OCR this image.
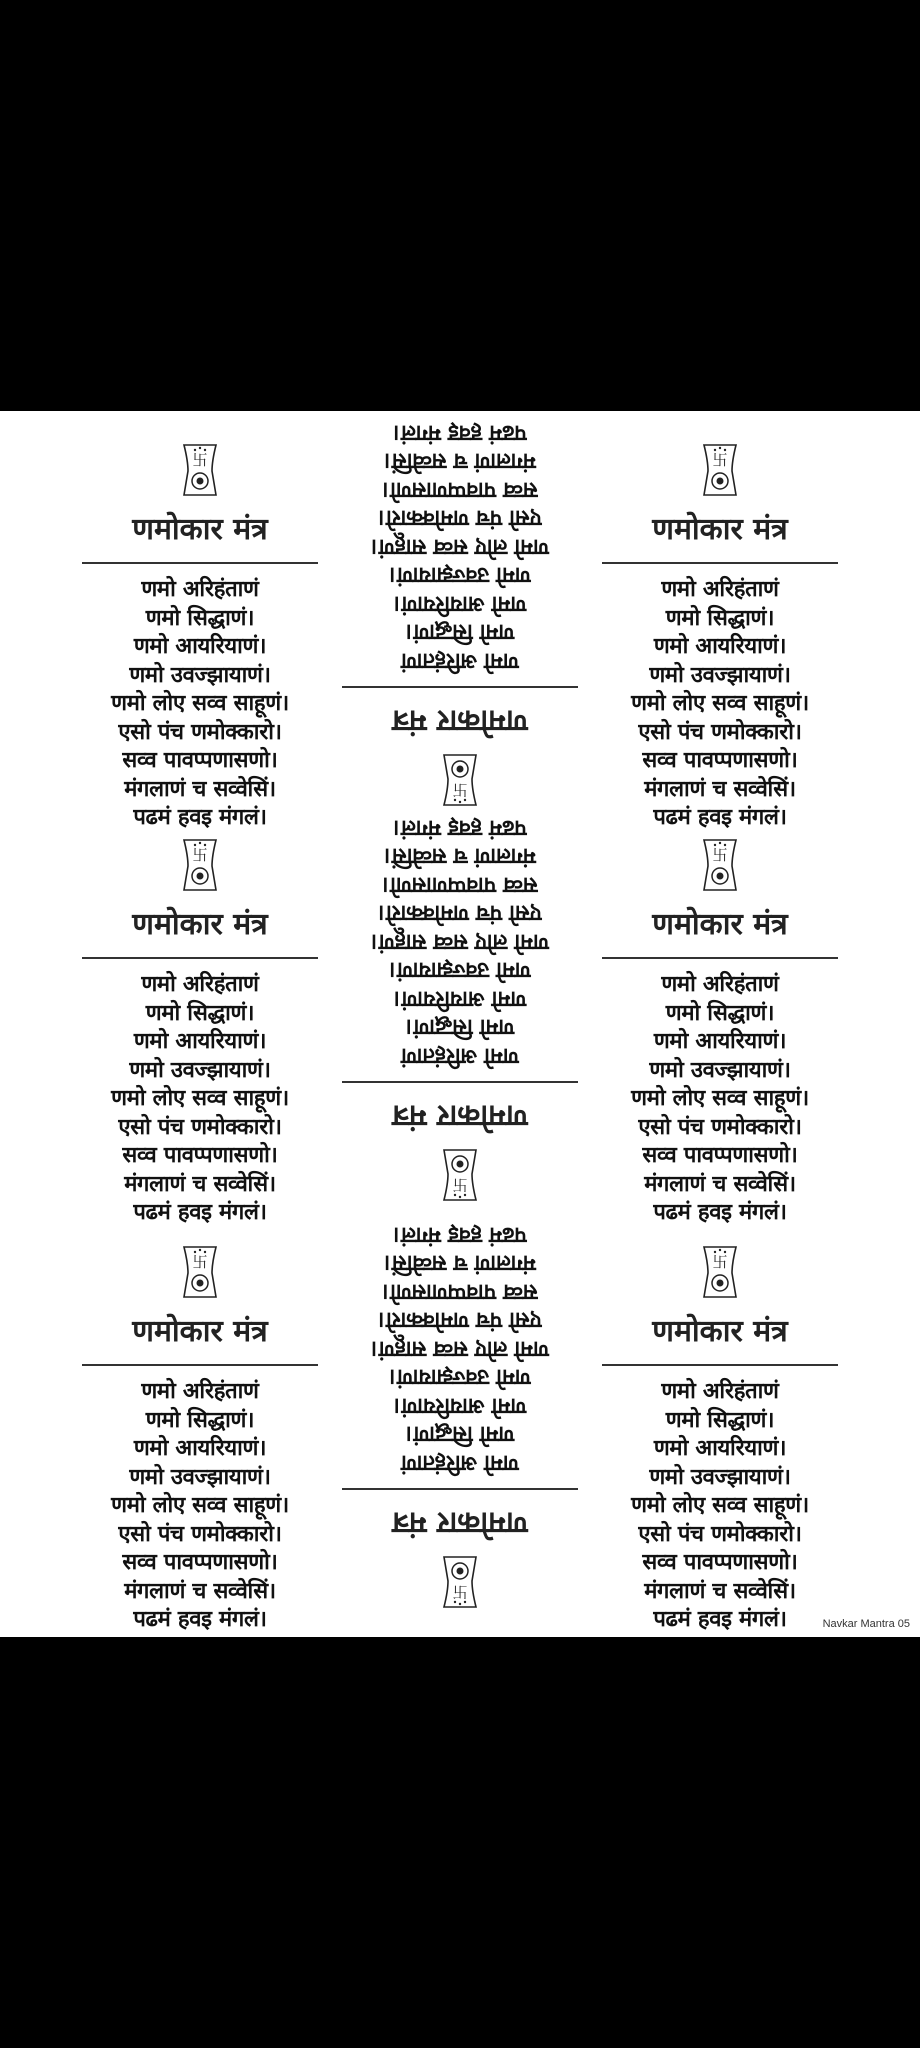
Navkar Mantra 05
卐
णमोकार मंत्र
णमो अरिहंताणं
णमो सिद्धाणं।
णमो आयरियाणं।
णमो उवज्झायाणं।
णमो लोए सव्व साहूणं।
एसो पंच णमोक्कारो।
सव्व पावप्पणासणो।
मंगलाणं च सव्वेसिं।
पढमं हवइ मंगलं।
卐
णमोकार मंत्र
णमो अरिहंताणं
णमो सिद्धाणं।
णमो आयरियाणं।
णमो उवज्झायाणं।
णमो लोए सव्व साहूणं।
एसो पंच णमोक्कारो।
सव्व पावप्पणासणो।
मंगलाणं च सव्वेसिं।
पढमं हवइ मंगलं।
卐
णमोकार मंत्र
णमो अरिहंताणं
णमो सिद्धाणं।
णमो आयरियाणं।
णमो उवज्झायाणं।
णमो लोए सव्व साहूणं।
एसो पंच णमोक्कारो।
सव्व पावप्पणासणो।
मंगलाणं च सव्वेसिं।
पढमं हवइ मंगलं।
卐
णमोकार मंत्र
णमो अरिहंताणं
णमो सिद्धाणं।
णमो आयरियाणं।
णमो उवज्झायाणं।
णमो लोए सव्व साहूणं।
एसो पंच णमोक्कारो।
सव्व पावप्पणासणो।
मंगलाणं च सव्वेसिं।
पढमं हवइ मंगलं।
卐
णमोकार मंत्र
णमो अरिहंताणं
णमो सिद्धाणं।
णमो आयरियाणं।
णमो उवज्झायाणं।
णमो लोए सव्व साहूणं।
एसो पंच णमोक्कारो।
सव्व पावप्पणासणो।
मंगलाणं च सव्वेसिं।
पढमं हवइ मंगलं।
卐
णमोकार मंत्र
णमो अरिहंताणं
णमो सिद्धाणं।
णमो आयरियाणं।
णमो उवज्झायाणं।
णमो लोए सव्व साहूणं।
एसो पंच णमोक्कारो।
सव्व पावप्पणासणो।
मंगलाणं च सव्वेसिं।
पढमं हवइ मंगलं।
卐
णमोकार मंत्र
णमो अरिहंताणं
णमो सिद्धाणं।
णमो आयरियाणं।
णमो उवज्झायाणं।
णमो लोए सव्व साहूणं।
एसो पंच णमोक्कारो।
सव्व पावप्पणासणो।
मंगलाणं च सव्वेसिं।
पढमं हवइ मंगलं।
卐
णमोकार मंत्र
णमो अरिहंताणं
णमो सिद्धाणं।
णमो आयरियाणं।
णमो उवज्झायाणं।
णमो लोए सव्व साहूणं।
एसो पंच णमोक्कारो।
सव्व पावप्पणासणो।
मंगलाणं च सव्वेसिं।
पढमं हवइ मंगलं।
卐
णमोकार मंत्र
णमो अरिहंताणं
णमो सिद्धाणं।
णमो आयरियाणं।
णमो उवज्झायाणं।
णमो लोए सव्व साहूणं।
एसो पंच णमोक्कारो।
सव्व पावप्पणासणो।
मंगलाणं च सव्वेसिं।
पढमं हवइ मंगलं।
